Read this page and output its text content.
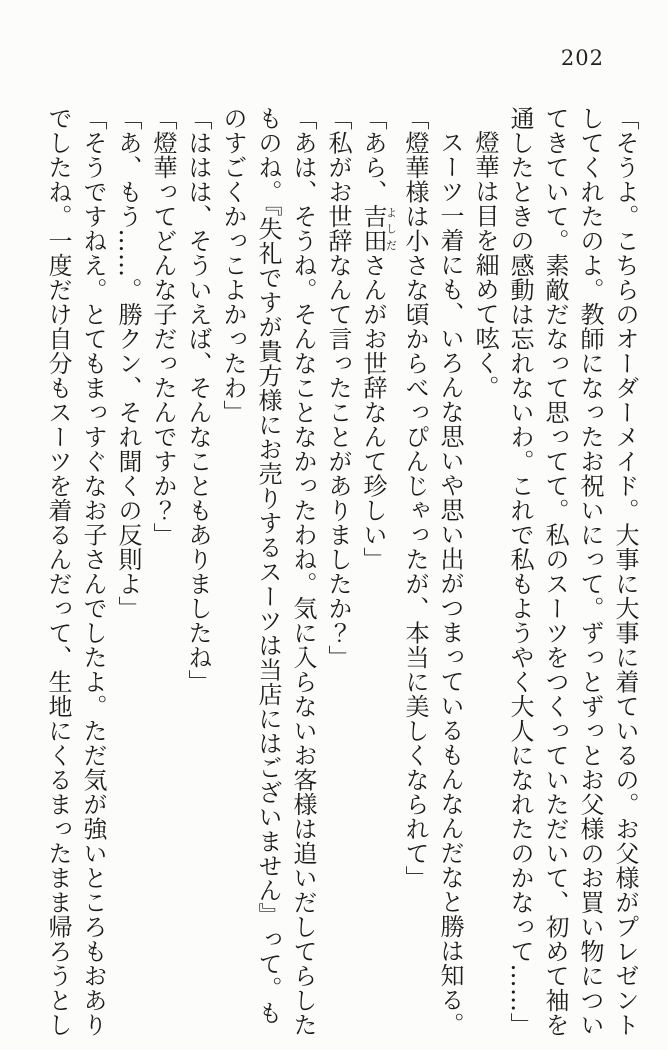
202

「そうよ。こちらのオーダーメイド。大事に大事に着ているの。お父様がプレゼント

してくれたのよ。教師になったお祝いにって。ずっとずっとお父様のお買い物につい

てきていて。素敵だなって思ってて。私のスーツをつくっていただいて、初めて袖を

通したときの感動は忘れないわ。これで私もようやく大人になれたのかなって……」

燈華は目を細めて呟く。

スーツ一着にも、いろんな思いや思い出がつまっているもんなんだなと勝は知る。

「燈華様は小さな頃からべっぴんじゃったが、本当に美しくなられて」

「あら、吉田よしださんがお世辞なんて珍しい」

「私がお世辞なんて言ったことがありましたか？」

「あは、そうね。そんなことなかったわね。気に入らないお客様は追いだしてらした

ものね。『失礼ですが貴方様にお売りするスーツは当店にはございません』って。も

のすごくかっこよかったわ」

「ははは、そういえば、そんなこともありましたね」

「燈華ってどんな子だったんですか？」

「あ、もう……。勝クン、それ聞くの反則よ」

「そうですねえ。とてもまっすぐなお子さんでしたよ。ただ気が強いところもおあり

でしたね。一度だけ自分もスーツを着るんだって、生地にくるまったまま帰ろうとし
